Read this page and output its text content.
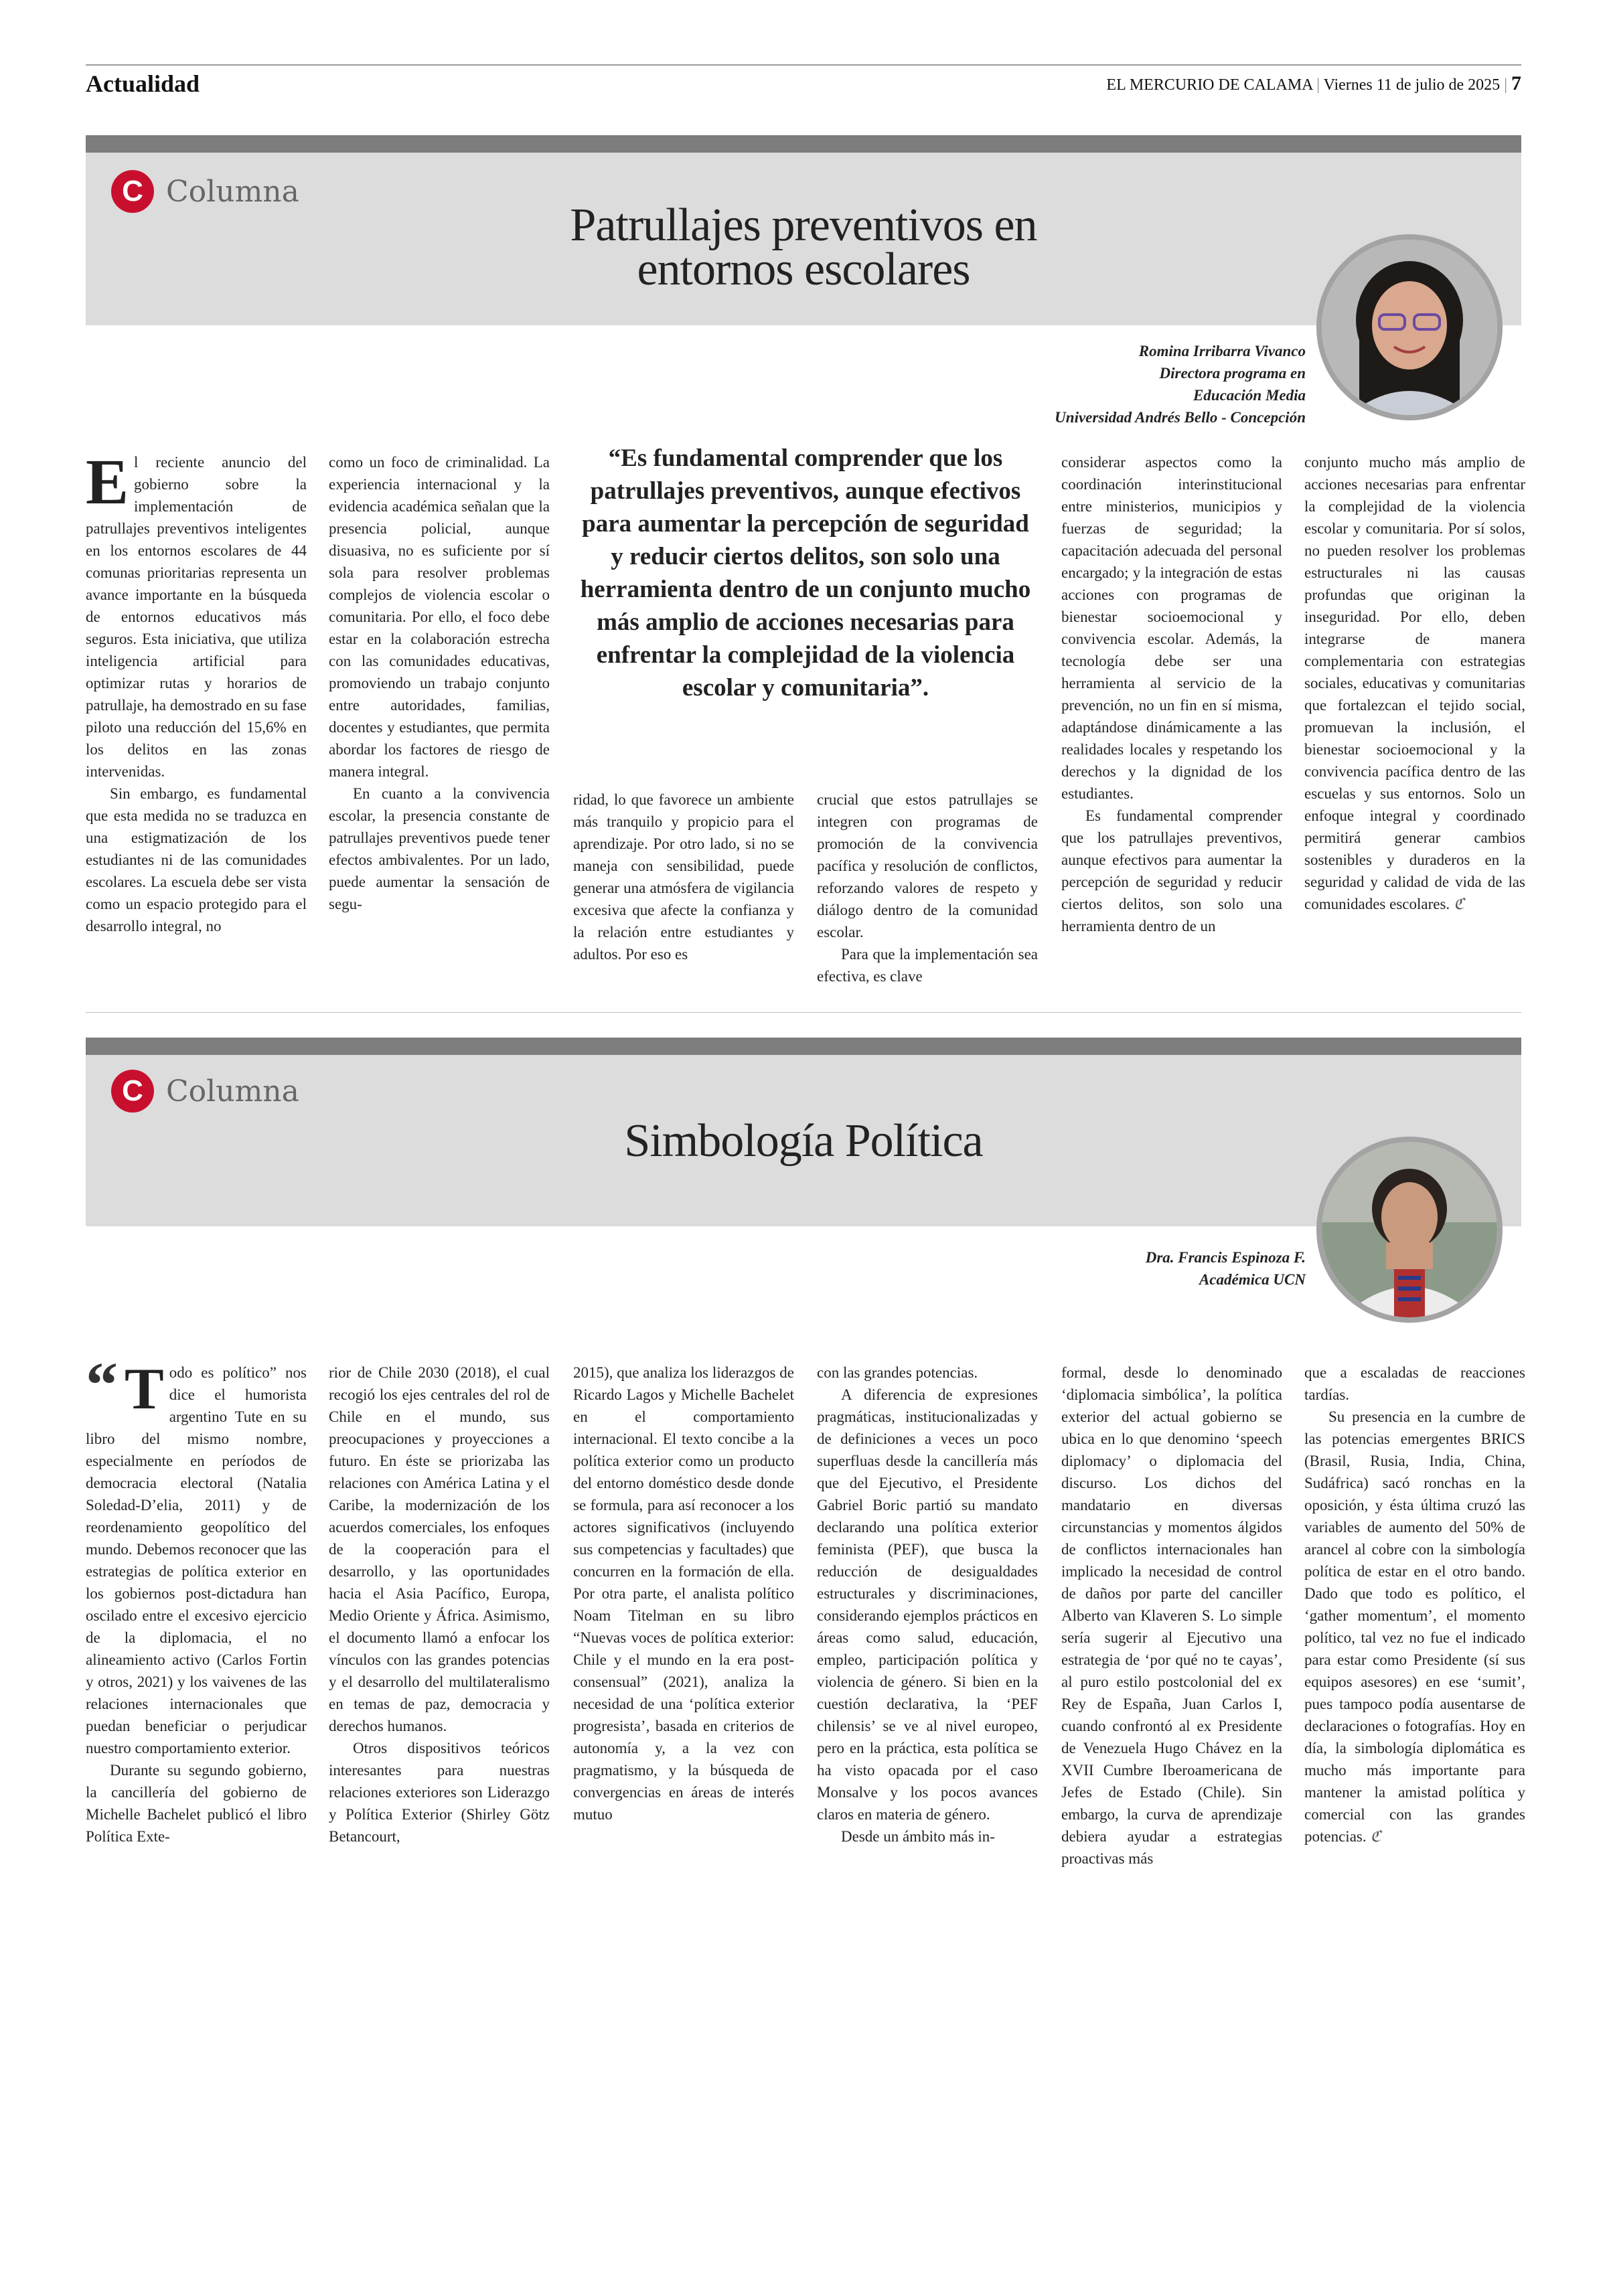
Actualidad	EL MERCURIO DE CALAMA | Viernes 11 de julio de 2025 | 7
C Columna
Patrullajes preventivos en
entornos escolares
Romina Irribarra Vivanco
Directora programa en
Educación Media
Universidad Andrés Bello - Concepción

El reciente anuncio del gobierno sobre la implementación de patrullajes preventivos inteligentes en los entornos escolares de 44 comunas prioritarias representa un avance importante en la búsqueda de entornos educativos más seguros. Esta iniciativa, que utiliza inteligencia artificial para optimizar rutas y horarios de patrullaje, ha demostrado en su fase piloto una reducción del 15,6% en los delitos en las zonas intervenidas.

Sin embargo, es fundamental que esta medida no se traduzca en una estigmatización de los estudiantes ni de las comunidades escolares. La escuela debe ser vista como un espacio protegido para el desarrollo integral, no

como un foco de criminalidad. La experiencia internacional y la evidencia académica señalan que la presencia policial, aunque disuasiva, no es suficiente por sí sola para resolver problemas complejos de violencia escolar o comunitaria. Por ello, el foco debe estar en la colaboración estrecha con las comunidades educativas, promoviendo un trabajo conjunto entre autoridades, familias, docentes y estudiantes, que permita abordar los factores de riesgo de manera integral.

En cuanto a la convivencia escolar, la presencia constante de patrullajes preventivos puede tener efectos ambivalentes. Por un lado, puede aumentar la sensación de segu-

“Es fundamental comprender que los patrullajes preventivos, aunque efectivos para aumentar la percepción de seguridad y reducir ciertos delitos, son solo una herramienta dentro de un conjunto mucho más amplio de acciones necesarias para enfrentar la complejidad de la violencia escolar y comunitaria”.

ridad, lo que favorece un ambiente más tranquilo y propicio para el aprendizaje. Por otro lado, si no se maneja con sensibilidad, puede generar una atmósfera de vigilancia excesiva que afecte la confianza y la relación entre estudiantes y adultos. Por eso es

crucial que estos patrullajes se integren con programas de promoción de la convivencia pacífica y resolución de conflictos, reforzando valores de respeto y diálogo dentro de la comunidad escolar.

Para que la implementación sea efectiva, es clave

considerar aspectos como la coordinación interinstitucional entre ministerios, municipios y fuerzas de seguridad; la capacitación adecuada del personal encargado; y la integración de estas acciones con programas de bienestar socioemocional y convivencia escolar. Además, la tecnología debe ser una herramienta al servicio de la prevención, no un fin en sí misma, adaptándose dinámicamente a las realidades locales y respetando los derechos y la dignidad de los estudiantes.

Es fundamental comprender que los patrullajes preventivos, aunque efectivos para aumentar la percepción de seguridad y reducir ciertos delitos, son solo una herramienta dentro de un

conjunto mucho más amplio de acciones necesarias para enfrentar la complejidad de la violencia escolar y comunitaria. Por sí solos, no pueden resolver los problemas estructurales ni las causas profundas que originan la inseguridad. Por ello, deben integrarse de manera complementaria con estrategias sociales, educativas y comunitarias que fortalezcan el tejido social, promuevan la inclusión, el bienestar socioemocional y la convivencia pacífica dentro de las escuelas y sus entornos. Solo un enfoque integral y coordinado permitirá generar cambios sostenibles y duraderos en la seguridad y calidad de vida de las comunidades escolares. ℭ

C Columna
Simbología Política
Dra. Francis Espinoza F.
Académica UCN

“ T odo es político” nos dice el humorista argentino Tute en su libro del mismo nombre, especialmente en períodos de democracia electoral (Natalia Soledad-D’elia, 2011) y de reordenamiento geopolítico del mundo. Debemos reconocer que las estrategias de política exterior en los gobiernos post-dictadura han oscilado entre el excesivo ejercicio de la diplomacia, el no alineamiento activo (Carlos Fortin y otros, 2021) y los vaivenes de las relaciones internacionales que puedan beneficiar o perjudicar nuestro comportamiento exterior.

Durante su segundo gobierno, la cancillería del gobierno de Michelle Bachelet publicó el libro Política Exte-

rior de Chile 2030 (2018), el cual recogió los ejes centrales del rol de Chile en el mundo, sus preocupaciones y proyecciones a futuro. En éste se priorizaba las relaciones con América Latina y el Caribe, la modernización de los acuerdos comerciales, los enfoques de la cooperación para el desarrollo, y las oportunidades hacia el Asia Pacífico, Europa, Medio Oriente y África. Asimismo, el documento llamó a enfocar los vínculos con las grandes potencias y el desarrollo del multilateralismo en temas de paz, democracia y derechos humanos.

Otros dispositivos teóricos interesantes para nuestras relaciones exteriores son Liderazgo y Política Exterior (Shirley Götz Betancourt,

2015), que analiza los liderazgos de Ricardo Lagos y Michelle Bachelet en el comportamiento internacional. El texto concibe a la política exterior como un producto del entorno doméstico desde donde se formula, para así reconocer a los actores significativos (incluyendo sus competencias y facultades) que concurren en la formación de ella. Por otra parte, el analista político Noam Titelman en su libro “Nuevas voces de política exterior: Chile y el mundo en la era post-consensual” (2021), analiza la necesidad de una ‘política exterior progresista’, basada en criterios de autonomía y, a la vez con pragmatismo, y la búsqueda de convergencias en áreas de interés mutuo

con las grandes potencias.

A diferencia de expresiones pragmáticas, institucionalizadas y de definiciones a veces un poco superfluas desde la cancillería más que del Ejecutivo, el Presidente Gabriel Boric partió su mandato declarando una política exterior feminista (PEF), que busca la reducción de desigualdades estructurales y discriminaciones, considerando ejemplos prácticos en áreas como salud, educación, empleo, participación política y violencia de género. Si bien en la cuestión declarativa, la ‘PEF chilensis’ se ve al nivel europeo, pero en la práctica, esta política se ha visto opacada por el caso Monsalve y los pocos avances claros en materia de género.

Desde un ámbito más in-

formal, desde lo denominado ‘diplomacia simbólica’, la política exterior del actual gobierno se ubica en lo que denomino ‘speech diplomacy’ o diplomacia del discurso. Los dichos del mandatario en diversas circunstancias y momentos álgidos de conflictos internacionales han implicado la necesidad de control de daños por parte del canciller Alberto van Klaveren S. Lo simple sería sugerir al Ejecutivo una estrategia de ‘por qué no te cayas’, al puro estilo postcolonial del ex Rey de España, Juan Carlos I, cuando confrontó al ex Presidente de Venezuela Hugo Chávez en la XVII Cumbre Iberoamericana de Jefes de Estado (Chile). Sin embargo, la curva de aprendizaje debiera ayudar a estrategias proactivas más

que a escaladas de reacciones tardías.

Su presencia en la cumbre de las potencias emergentes BRICS (Brasil, Rusia, India, China, Sudáfrica) sacó ronchas en la oposición, y ésta última cruzó las variables de aumento del 50% de arancel al cobre con la simbología política de estar en el otro bando. Dado que todo es político, el ‘gather momentum’, el momento político, tal vez no fue el indicado para estar como Presidente (sí sus equipos asesores) en ese ‘sumit’, pues tampoco podía ausentarse de declaraciones o fotografías. Hoy en día, la simbología diplomática es mucho más importante para mantener la amistad política y comercial con las grandes potencias. ℭ
